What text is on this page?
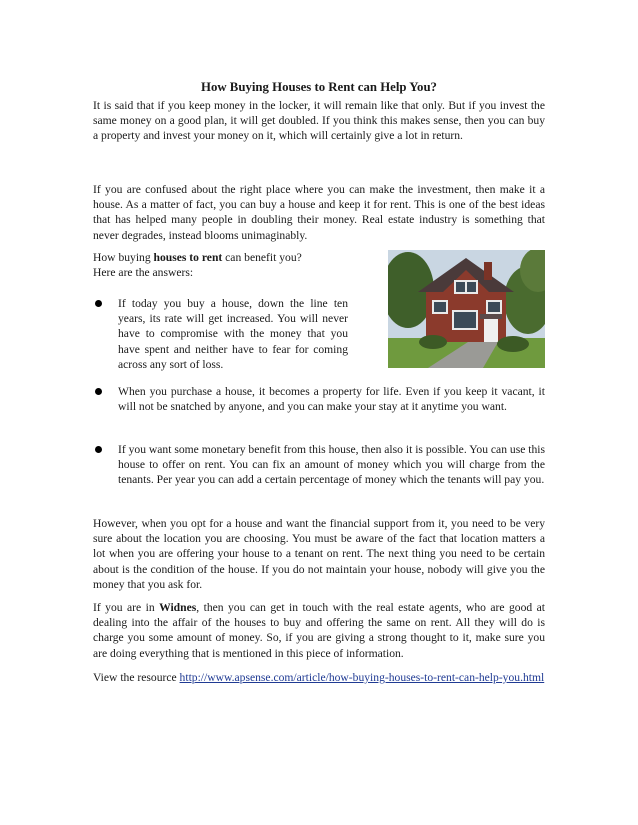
How Buying Houses to Rent can Help You?

It is said that if you keep money in the locker, it will remain like that only. But if you invest the same money on a good plan, it will get doubled. If you think this makes sense, then you can buy a property and invest your money on it, which will certainly give a lot in return.

If you are confused about the right place where you can make the investment, then make it a house. As a matter of fact, you can buy a house and keep it for rent. This is one of the best ideas that has helped many people in doubling their money. Real estate industry is something that never degrades, instead blooms unimaginably.

How buying houses to rent can benefit you?
Here are the answers:

If today you buy a house, down the line ten years, its rate will get increased. You will never have to compromise with the money that you have spent and neither have to fear for coming across any sort of loss.

When you purchase a house, it becomes a property for life. Even if you keep it vacant, it will not be snatched by anyone, and you can make your stay at it anytime you want.

If you want some monetary benefit from this house, then also it is possible. You can use this house to offer on rent. You can fix an amount of money which you will charge from the tenants. Per year you can add a certain percentage of money which the tenants will pay you.

However, when you opt for a house and want the financial support from it, you need to be very sure about the location you are choosing. You must be aware of the fact that location matters a lot when you are offering your house to a tenant on rent. The next thing you need to be certain about is the condition of the house. If you do not maintain your house, nobody will give you the money that you ask for.

If you are in Widnes, then you can get in touch with the real estate agents, who are good at dealing into the affair of the houses to buy and offering the same on rent. All they will do is charge you some amount of money. So, if you are giving a strong thought to it, make sure you are doing everything that is mentioned in this piece of information.

View the resource http://www.apsense.com/article/how-buying-houses-to-rent-can-help-you.html
